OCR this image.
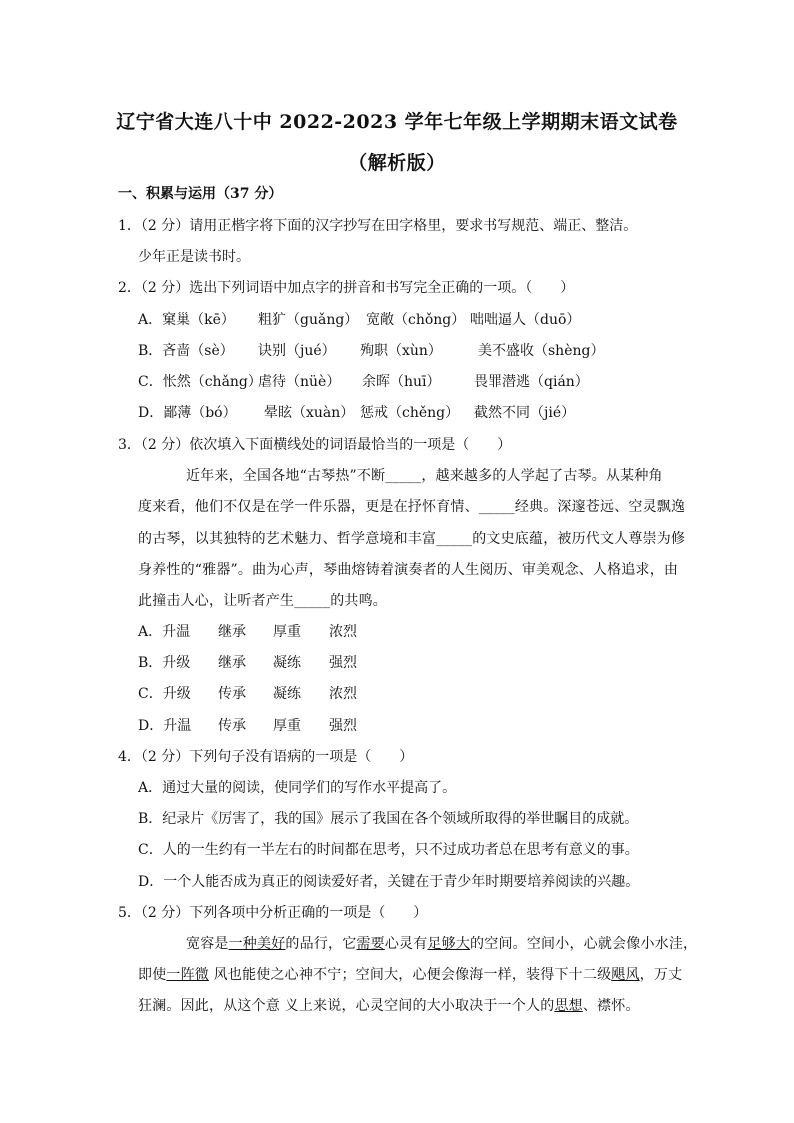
辽宁省大连八十中 2022-2023 学年七年级上学期期末语文试卷
（解析版）
一、积累与运用（37 分）
1．（2 分）请用正楷字将下面的汉字抄写在田字格里，要求书写规范、端正、整洁。
少年正是读书时。
2．（2 分）选出下列词语中加点字的拼音和书写完全正确的一项。（　　）
A．窠巢（kē） 粗犷（guǎng） 宽敞（chǒng） 咄咄逼人（duō）
B．吝啬（sè） 诀别（jué） 殉职（xùn）	美不盛收（shèng）
C．怅然（chǎng）虐待（nüè） 余晖（huī） 畏罪潜逃（qián）
D．鄙薄（bó） 晕眩（xuàn） 惩戒（chěng） 截然不同（jié）
3．（2 分）依次填入下面横线处的词语最恰当的一项是（　　）
近年来，全国各地“古琴热”不断_____，越来越多的人学起了古琴。从某种角
度来看，他们不仅是在学一件乐器，更是在抒怀育情、_____经典。深邃苍远、空灵飘逸
的古琴，以其独特的艺术魅力、哲学意境和丰富_____的文史底蕴，被历代文人尊崇为修
身养性的“雅器”。曲为心声，琴曲熔铸着演奏者的人生阅历、审美观念、人格追求，由
此撞击人心，让听者产生_____的共鸣。
A．升温 继承 厚重 浓烈
B．升级 继承 凝练 强烈
C．升级 传承 凝练 浓烈
D．升温 传承 厚重 强烈
4．（2 分）下列句子没有语病的一项是（　　）
A．通过大量的阅读，使同学们的写作水平提高了。
B．纪录片《厉害了，我的国》展示了我国在各个领域所取得的举世瞩目的成就。
C．人的一生约有一半左右的时间都在思考，只不过成功者总在思考有意义的事。
D．一个人能否成为真正的阅读爱好者，关键在于青少年时期要培养阅读的兴趣。
5．（2 分）下列各项中分析正确的一项是（　　）
宽容是一种美好的品行，它需要心灵有足够大的空间。空间小，心就会像小水洼，
即使一阵微 风也能使之心神不宁；空间大，心便会像海一样，装得下十二级飓风，万丈
狂澜。因此，从这个意 义上来说，心灵空间的大小取决于一个人的思想、襟怀。
